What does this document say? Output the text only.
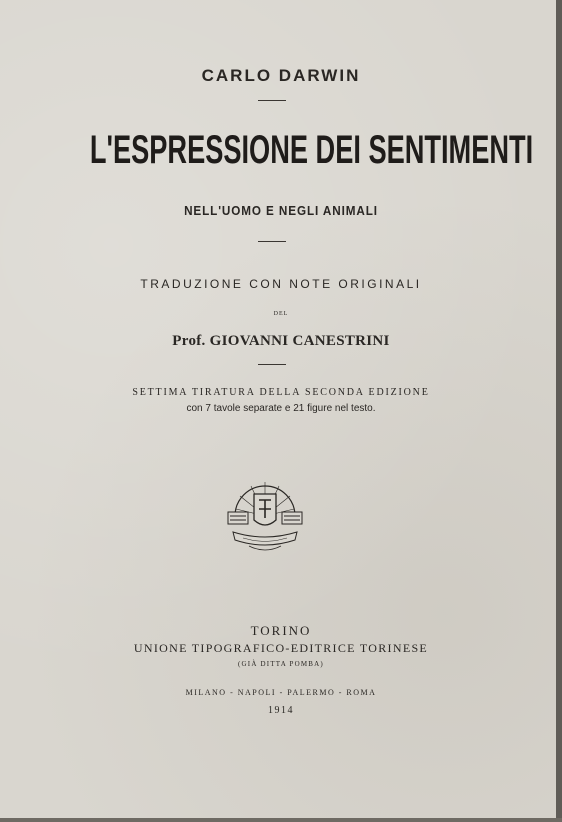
CARLO DARWIN
L'ESPRESSIONE DEI SENTIMENTI
NELL'UOMO E NEGLI ANIMALI
TRADUZIONE CON NOTE ORIGINALI
DEL
Prof. GIOVANNI CANESTRINI
SETTIMA TIRATURA DELLA SECONDA EDIZIONE
con 7 tavole separate e 21 figure nel testo.
TORINO
UNIONE TIPOGRAFICO-EDITRICE TORINESE
(GIÀ DITTA POMBA)
MILANO - NAPOLI - PALERMO - ROMA
1914
